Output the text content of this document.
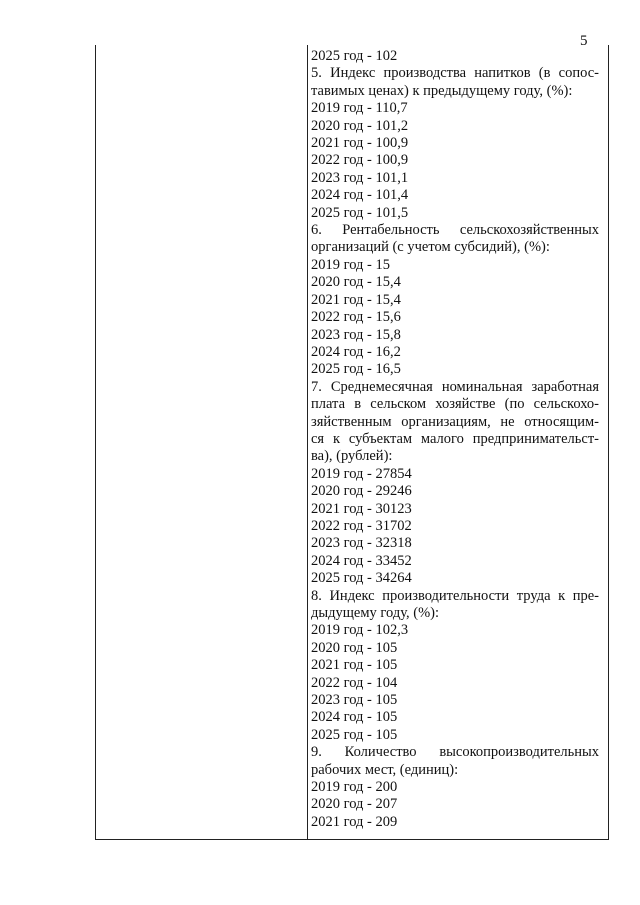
5
2025 год - 102
5. Индекс производства напитков (в сопос-
тавимых ценах) к предыдущему году, (%):
2019 год - 110,7
2020 год - 101,2
2021 год - 100,9
2022 год - 100,9
2023 год - 101,1
2024 год - 101,4
2025 год - 101,5
6. Рентабельность сельскохозяйственных
организаций (с учетом субсидий), (%):
2019 год - 15
2020 год - 15,4
2021 год - 15,4
2022 год - 15,6
2023 год - 15,8
2024 год - 16,2
2025 год - 16,5
7. Среднемесячная номинальная заработная
плата в сельском хозяйстве (по сельскохо-
зяйственным организациям, не относящим-
ся к субъектам малого предпринимательст-
ва), (рублей):
2019 год - 27854
2020 год - 29246
2021 год - 30123
2022 год - 31702
2023 год - 32318
2024 год - 33452
2025 год - 34264
8. Индекс производительности труда к пре-
дыдущему году, (%):
2019 год - 102,3
2020 год - 105
2021 год - 105
2022 год - 104
2023 год - 105
2024 год - 105
2025 год - 105
9. Количество высокопроизводительных
рабочих мест, (единиц):
2019 год - 200
2020 год - 207
2021 год - 209
